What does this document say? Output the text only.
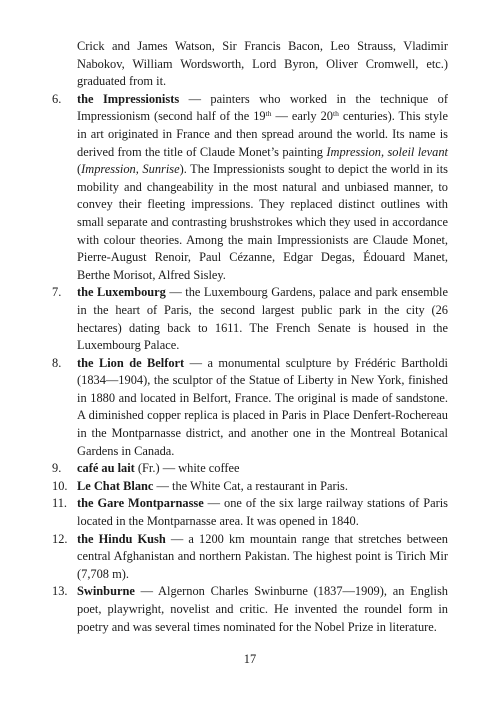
Crick and James Watson, Sir Francis Bacon, Leo Strauss, Vladimir Nabokov, William Wordsworth, Lord Byron, Oliver Cromwell, etc.) graduated from it.

6. the Impressionists — painters who worked in the technique of Impressionism (second half of the 19th — early 20th centuries). This style in art originated in France and then spread around the world. Its name is derived from the title of Claude Monet’s painting Impression, soleil levant (Impression, Sunrise). The Impressionists sought to depict the world in its mobility and changeability in the most natural and unbiased manner, to convey their fleeting impressions. They replaced distinct outlines with small separate and contrasting brushstrokes which they used in accordance with colour theories. Among the main Impressionists are Claude Monet, Pierre-August Renoir, Paul Cézanne, Edgar Degas, Édouard Manet, Berthe Morisot, Alfred Sisley.

7. the Luxembourg — the Luxembourg Gardens, palace and park ensemble in the heart of Paris, the second largest public park in the city (26 hectares) dating back to 1611. The French Senate is housed in the Luxembourg Palace.

8. the Lion de Belfort — a monumental sculpture by Frédéric Bartholdi (1834—1904), the sculptor of the Statue of Liberty in New York, finished in 1880 and located in Belfort, France. The original is made of sandstone. A diminished copper replica is placed in Paris in Place Denfert-Rochereau in the Montparnasse district, and another one in the Montreal Botanical Gardens in Canada.

9. café au lait (Fr.) — white coffee

10. Le Chat Blanc — the White Cat, a restaurant in Paris.

11. the Gare Montparnasse — one of the six large railway stations of Paris located in the Montparnasse area. It was opened in 1840.

12. the Hindu Kush — a 1200 km mountain range that stretches between central Afghanistan and northern Pakistan. The highest point is Tirich Mir (7,708 m).

13. Swinburne — Algernon Charles Swinburne (1837—1909), an English poet, playwright, novelist and critic. He invented the roundel form in poetry and was several times nominated for the Nobel Prize in literature.

17
